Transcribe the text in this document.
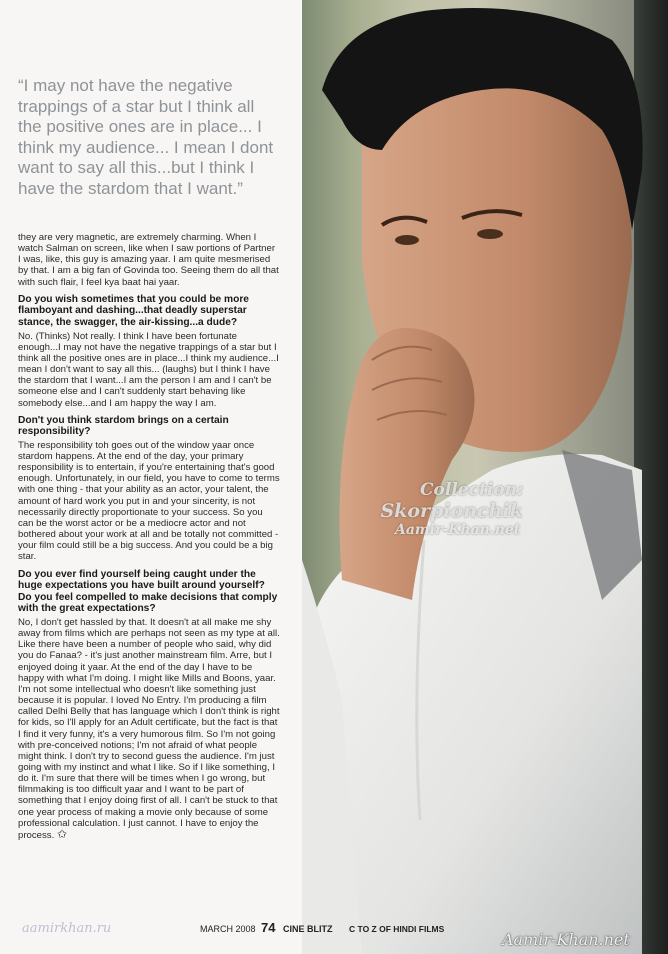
“I may not have the negative trappings of a star but I think all the positive ones are in place... I think my audience... I mean I dont want to say all this...but I think I have the stardom that I want.”

they are very magnetic, are extremely charming. When I watch Salman on screen, like when I saw portions of Partner I was, like, this guy is amazing yaar. I am quite mesmerised by that. I am a big fan of Govinda too. Seeing them do all that with such flair, I feel kya baat hai yaar.

Do you wish sometimes that you could be more flamboyant and dashing...that deadly superstar stance, the swagger, the air-kissing...a dude?

No. (Thinks) Not really. I think I have been fortunate enough...I may not have the negative trappings of a star but I think all the positive ones are in place...I think my audience...I mean I don't want to say all this... (laughs) but I think I have the stardom that I want...I am the person I am and I can't be someone else and I can't suddenly start behaving like somebody else...and I am happy the way I am.

Don't you think stardom brings on a certain responsibility?

The responsibility toh goes out of the window yaar once stardom happens. At the end of the day, your primary responsibility is to entertain, if you're entertaining that's good enough. Unfortunately, in our field, you have to come to terms with one thing - that your ability as an actor, your talent, the amount of hard work you put in and your sincerity, is not necessarily directly proportionate to your success. So you can be the worst actor or be a mediocre actor and not bothered about your work at all and be totally not committed - your film could still be a big success. And you could be a big star.

Do you ever find yourself being caught under the huge expectations you have built around yourself? Do you feel compelled to make decisions that comply with the great expectations?

No, I don't get hassled by that. It doesn't at all make me shy away from films which are perhaps not seen as my type at all. Like there have been a number of people who said, why did you do Fanaa? - it's just another mainstream film. Arre, but I enjoyed doing it yaar. At the end of the day I have to be happy with what I'm doing. I might like Mills and Boons, yaar. I'm not some intellectual who doesn't like something just because it is popular. I loved No Entry. I'm producing a film called Delhi Belly that has language which I don't think is right for kids, so I'll apply for an Adult certificate, but the fact is that I find it very funny, it's a very humorous film. So I'm not going with pre-conceived notions; I'm not afraid of what people might think. I don't try to second guess the audience. I'm just going with my instinct and what I like. So if I like something, I do it. I'm sure that there will be times when I go wrong, but filmmaking is too difficult yaar and I want to be part of something that I enjoy doing first of all. I can't be stuck to that one year process of making a movie only because of some professional calculation. I just cannot. I have to enjoy the process. ✩

Collection:
Skorpionchik
Aamir-Khan.net
aamirkhan.ru	MARCH 2008 74 CINE BLITZ C TO Z OF HINDI FILMS
Aamir-Khan.net
